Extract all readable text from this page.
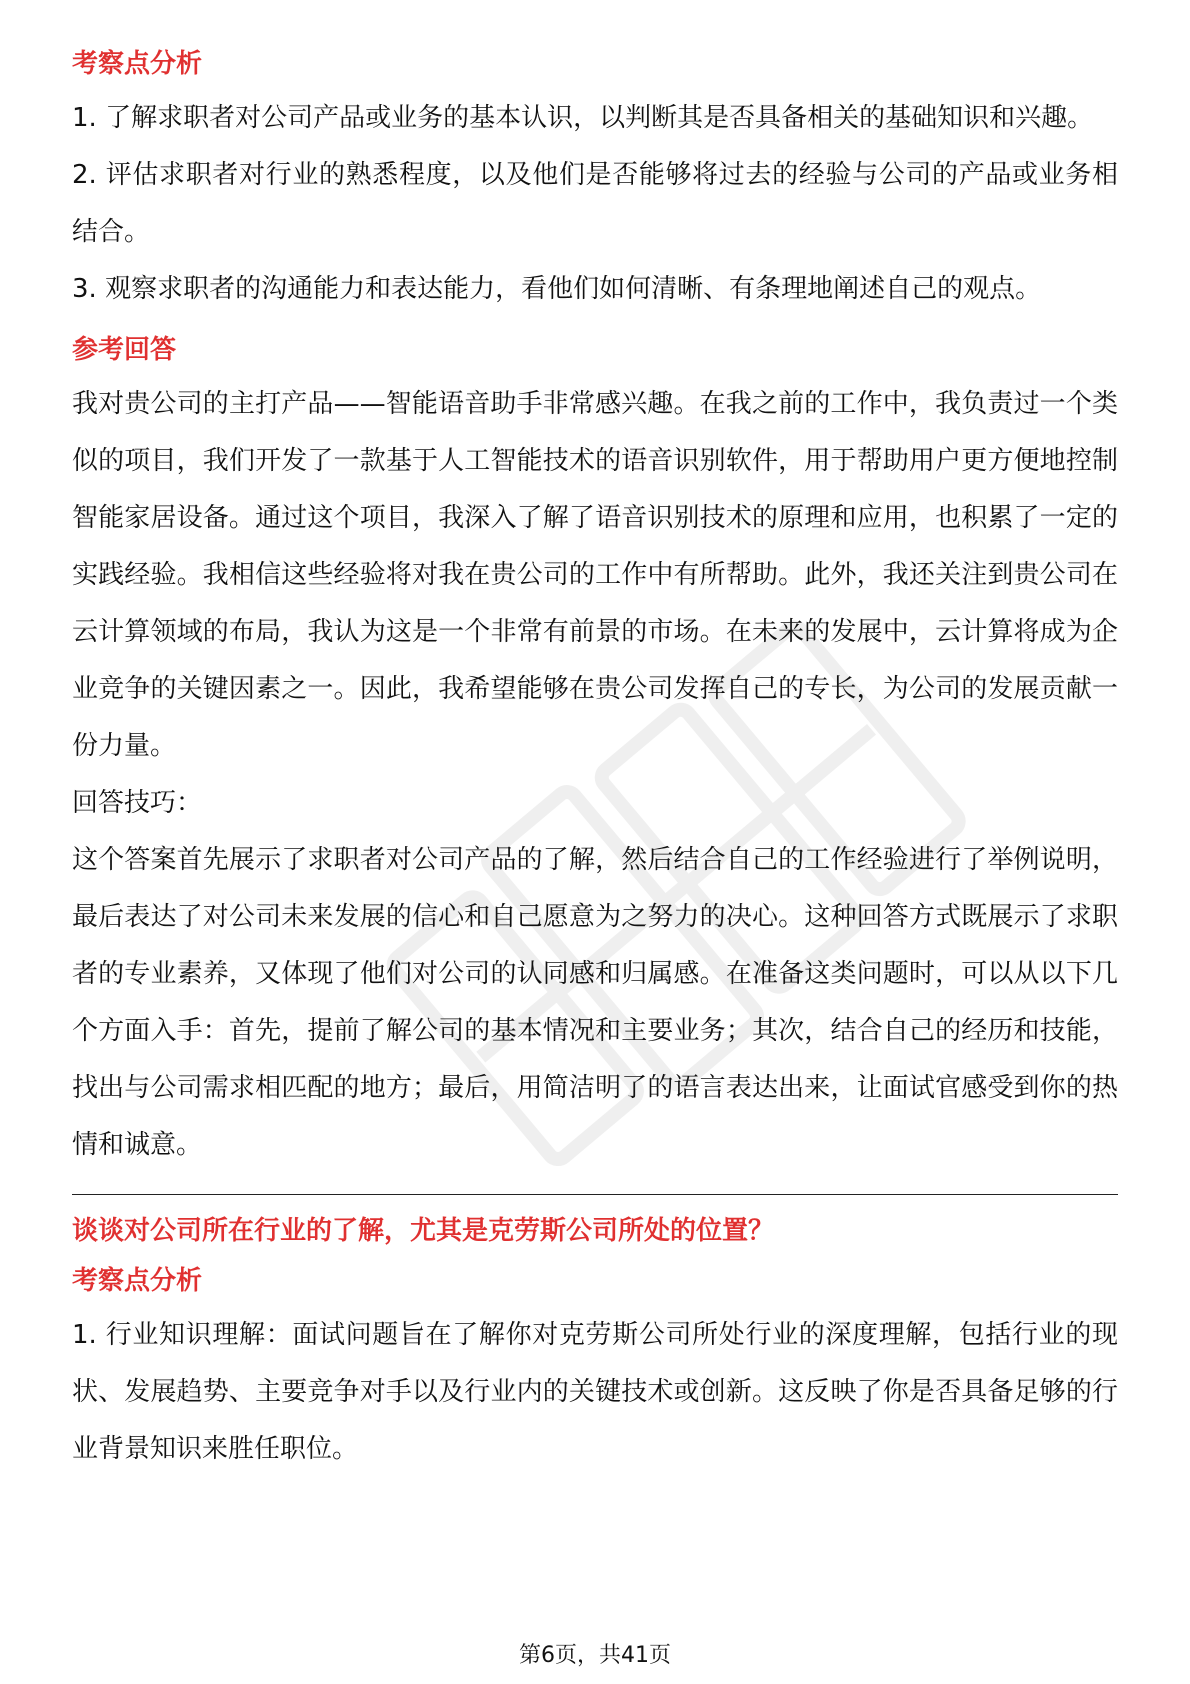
考察点分析

1. 了解求职者对公司产品或业务的基本认识，以判断其是否具备相关的基础知识和兴趣。

2. 评估求职者对行业的熟悉程度，以及他们是否能够将过去的经验与公司的产品或业务相结合。

3. 观察求职者的沟通能力和表达能力，看他们如何清晰、有条理地阐述自己的观点。

参考回答

我对贵公司的主打产品——智能语音助手非常感兴趣。在我之前的工作中，我负责过一个类似的项目，我们开发了一款基于人工智能技术的语音识别软件，用于帮助用户更方便地控制智能家居设备。通过这个项目，我深入了解了语音识别技术的原理和应用，也积累了一定的实践经验。我相信这些经验将对我在贵公司的工作中有所帮助。此外，我还关注到贵公司在云计算领域的布局，我认为这是一个非常有前景的市场。在未来的发展中，云计算将成为企业竞争的关键因素之一。因此，我希望能够在贵公司发挥自己的专长，为公司的发展贡献一份力量。

回答技巧：

这个答案首先展示了求职者对公司产品的了解，然后结合自己的工作经验进行了举例说明，最后表达了对公司未来发展的信心和自己愿意为之努力的决心。这种回答方式既展示了求职者的专业素养，又体现了他们对公司的认同感和归属感。在准备这类问题时，可以从以下几个方面入手：首先，提前了解公司的基本情况和主要业务；其次，结合自己的经历和技能，找出与公司需求相匹配的地方；最后，用简洁明了的语言表达出来，让面试官感受到你的热情和诚意。

谈谈对公司所在行业的了解，尤其是克劳斯公司所处的位置？

考察点分析

1. 行业知识理解：面试问题旨在了解你对克劳斯公司所处行业的深度理解，包括行业的现状、发展趋势、主要竞争对手以及行业内的关键技术或创新。这反映了你是否具备足够的行业背景知识来胜任职位。

第6页，共41页
